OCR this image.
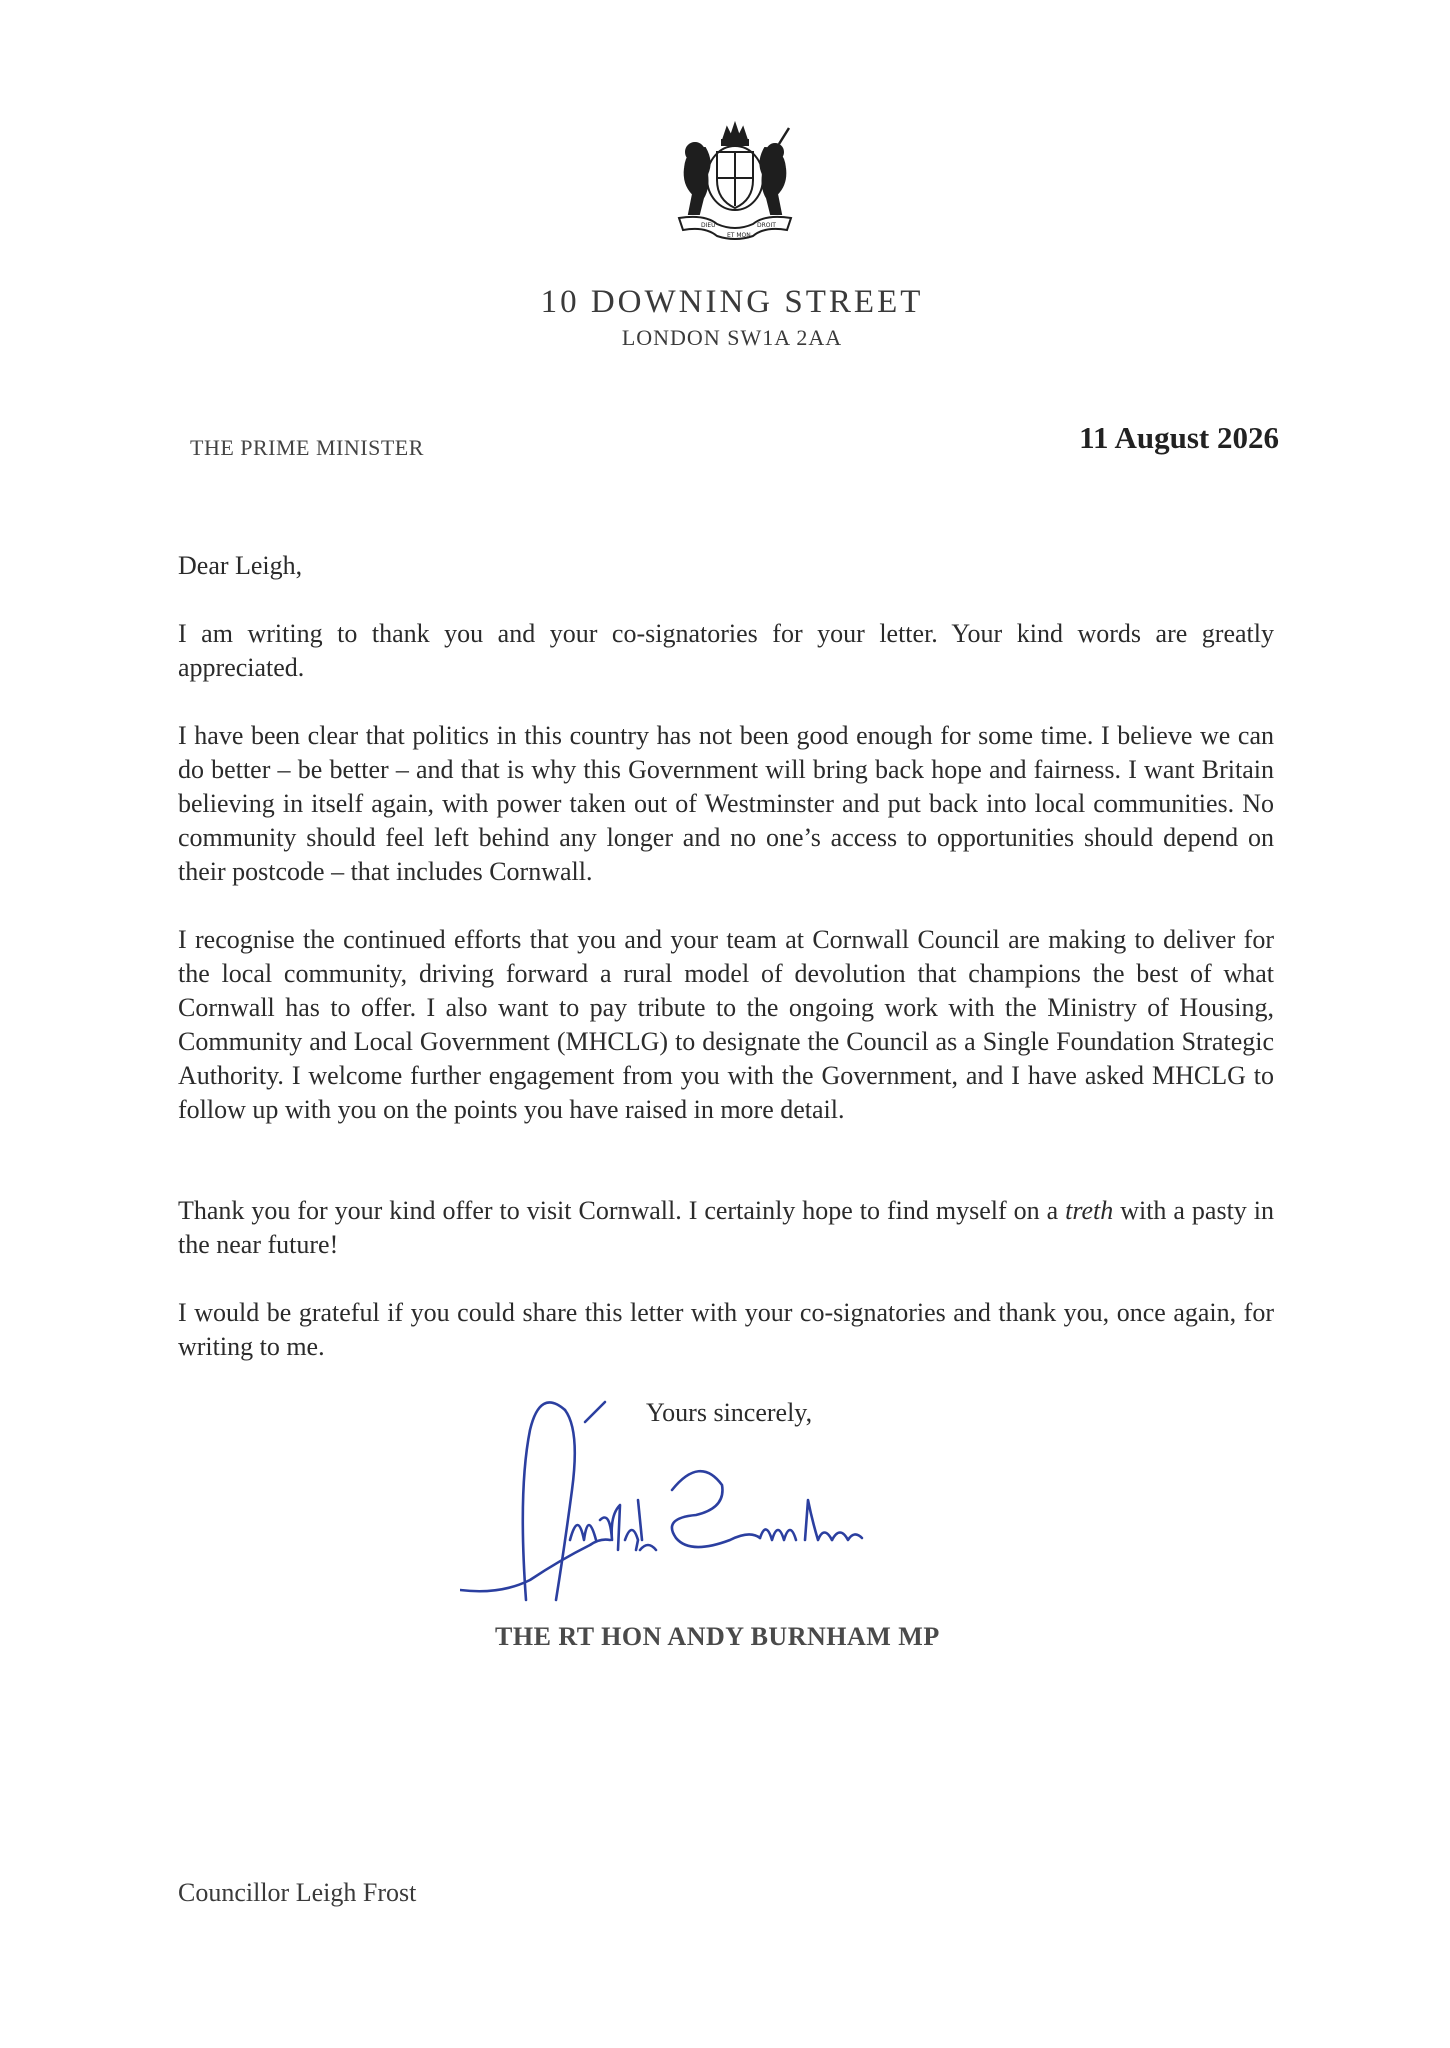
DIEU
ET MON
DROIT
10 DOWNING STREET
LONDON SW1A 2AA
THE PRIME MINISTER	11 August 2026
Dear Leigh,
I am writing to thank you and your co-signatories for your letter. Your kind words are greatly appreciated.
I have been clear that politics in this country has not been good enough for some time. I believe we can do better – be better – and that is why this Government will bring back hope and fairness. I want Britain believing in itself again, with power taken out of Westminster and put back into local communities. No community should feel left behind any longer and no one’s access to opportunities should depend on their postcode – that includes Cornwall.
I recognise the continued efforts that you and your team at Cornwall Council are making to deliver for the local community, driving forward a rural model of devolution that champions the best of what Cornwall has to offer. I also want to pay tribute to the ongoing work with the Ministry of Housing, Community and Local Government (MHCLG) to designate the Council as a Single Foundation Strategic Authority. I welcome further engagement from you with the Government, and I have asked MHCLG to follow up with you on the points you have raised in more detail.
Thank you for your kind offer to visit Cornwall. I certainly hope to find myself on a treth with a pasty in the near future!
I would be grateful if you could share this letter with your co-signatories and thank you, once again, for writing to me.
Yours sincerely,
THE RT HON ANDY BURNHAM MP
Councillor Leigh Frost
